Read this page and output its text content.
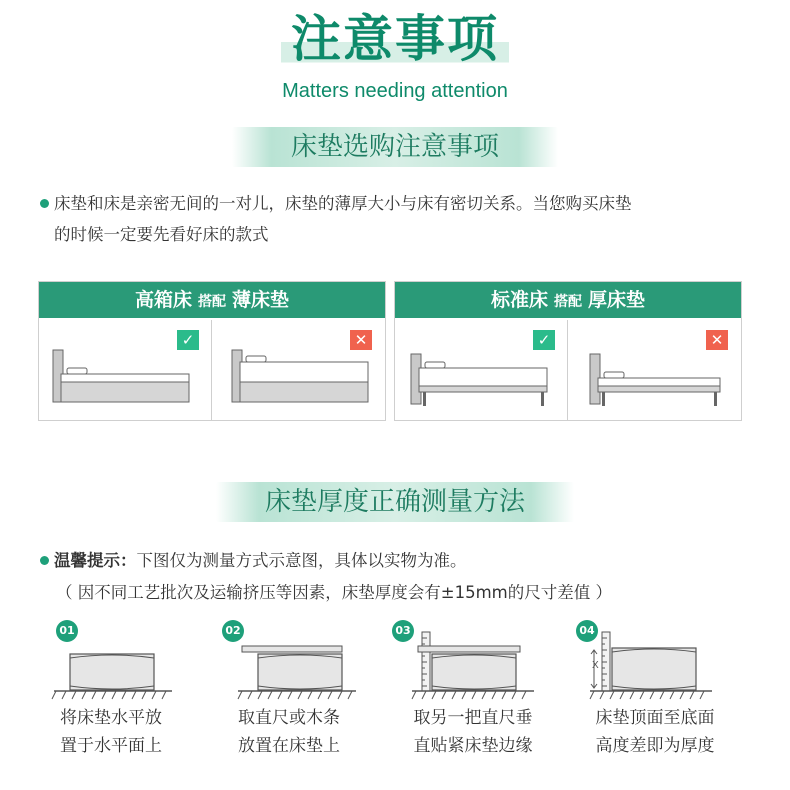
注意事项
Matters needing attention
床垫选购注意事项
床垫和床是亲密无间的一对儿，床垫的薄厚大小与床有密切关系。当您购买床垫
的时候一定要先看好床的款式
高箱床 搭配 薄床垫
✓	✕
标准床 搭配 厚床垫
✓	✕
床垫厚度正确测量方法
温馨提示：下图仅为测量方式示意图，具体以实物为准。
（ 因不同工艺批次及运输挤压等因素，床垫厚度会有±15mm的尺寸差值 ）
01
将床垫水平放
置于水平面上
02
取直尺或木条
放置在床垫上
03
取另一把直尺垂
直贴紧床垫边缘
04
X
床垫顶面至底面
高度差即为厚度
